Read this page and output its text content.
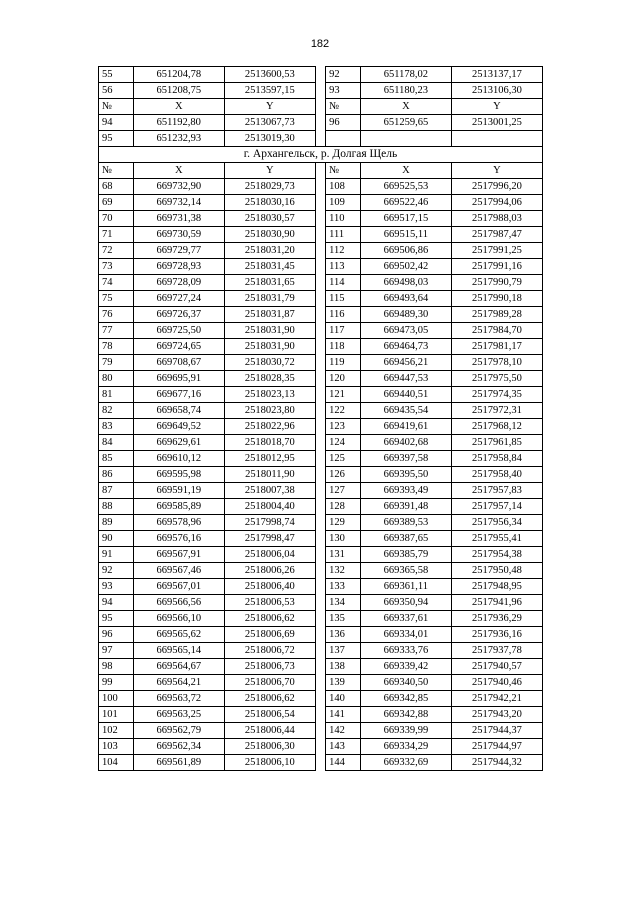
182
55	651204,78	2513600,53		92	651178,02	2513137,17
56	651208,75	2513597,15		93	651180,23	2513106,30
№	X	Y		№	X	Y
94	651192,80	2513067,73		96	651259,65	2513001,25
95	651232,93	2513019,30				
г. Архангельск, р. Долгая Щель						
№	X	Y		№	X	Y
68	669732,90	2518029,73		108	669525,53	2517996,20
69	669732,14	2518030,16		109	669522,46	2517994,06
70	669731,38	2518030,57		110	669517,15	2517988,03
71	669730,59	2518030,90		111	669515,11	2517987,47
72	669729,77	2518031,20		112	669506,86	2517991,25
73	669728,93	2518031,45		113	669502,42	2517991,16
74	669728,09	2518031,65		114	669498,03	2517990,79
75	669727,24	2518031,79		115	669493,64	2517990,18
76	669726,37	2518031,87		116	669489,30	2517989,28
77	669725,50	2518031,90		117	669473,05	2517984,70
78	669724,65	2518031,90		118	669464,73	2517981,17
79	669708,67	2518030,72		119	669456,21	2517978,10
80	669695,91	2518028,35		120	669447,53	2517975,50
81	669677,16	2518023,13		121	669440,51	2517974,35
82	669658,74	2518023,80		122	669435,54	2517972,31
83	669649,52	2518022,96		123	669419,61	2517968,12
84	669629,61	2518018,70		124	669402,68	2517961,85
85	669610,12	2518012,95		125	669397,58	2517958,84
86	669595,98	2518011,90		126	669395,50	2517958,40
87	669591,19	2518007,38		127	669393,49	2517957,83
88	669585,89	2518004,40		128	669391,48	2517957,14
89	669578,96	2517998,74		129	669389,53	2517956,34
90	669576,16	2517998,47		130	669387,65	2517955,41
91	669567,91	2518006,04		131	669385,79	2517954,38
92	669567,46	2518006,26		132	669365,58	2517950,48
93	669567,01	2518006,40		133	669361,11	2517948,95
94	669566,56	2518006,53		134	669350,94	2517941,96
95	669566,10	2518006,62		135	669337,61	2517936,29
96	669565,62	2518006,69		136	669334,01	2517936,16
97	669565,14	2518006,72		137	669333,76	2517937,78
98	669564,67	2518006,73		138	669339,42	2517940,57
99	669564,21	2518006,70		139	669340,50	2517940,46
100	669563,72	2518006,62		140	669342,85	2517942,21
101	669563,25	2518006,54		141	669342,88	2517943,20
102	669562,79	2518006,44		142	669339,99	2517944,37
103	669562,34	2518006,30		143	669334,29	2517944,97
104	669561,89	2518006,10		144	669332,69	2517944,32
